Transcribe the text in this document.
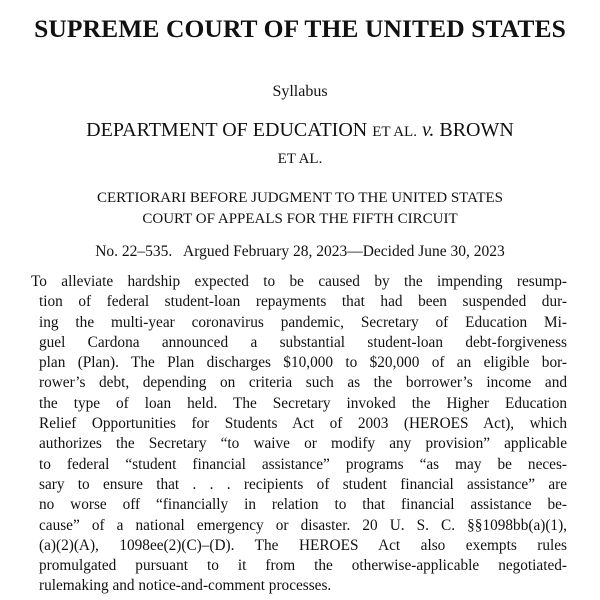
SUPREME COURT OF THE UNITED STATES
Syllabus
DEPARTMENT OF EDUCATION ET AL. v. BROWN
ET AL.
CERTIORARI BEFORE JUDGMENT TO THE UNITED STATES
COURT OF APPEALS FOR THE FIFTH CIRCUIT
No. 22–535.   Argued February 28, 2023—Decided June 30, 2023
To alleviate hardship expected to be caused by the impending resump-
tion of federal student-loan repayments that had been suspended dur-
ing the multi-year coronavirus pandemic, Secretary of Education Mi-
guel Cardona announced a substantial student-loan debt-forgiveness
plan (Plan). The Plan discharges $10,000 to $20,000 of an eligible bor-
rower’s debt, depending on criteria such as the borrower’s income and
the type of loan held. The Secretary invoked the Higher Education
Relief Opportunities for Students Act of 2003 (HEROES Act), which
authorizes the Secretary “to waive or modify any provision” applicable
to federal “student financial assistance” programs “as may be neces-
sary to ensure that . . . recipients of student financial assistance” are
no worse off “financially in relation to that financial assistance be-
cause” of a national emergency or disaster. 20 U. S. C. §§1098bb(a)(1),
(a)(2)(A), 1098ee(2)(C)–(D). The HEROES Act also exempts rules
promulgated pursuant to it from the otherwise-applicable negotiated-
rulemaking and notice-and-comment processes.
